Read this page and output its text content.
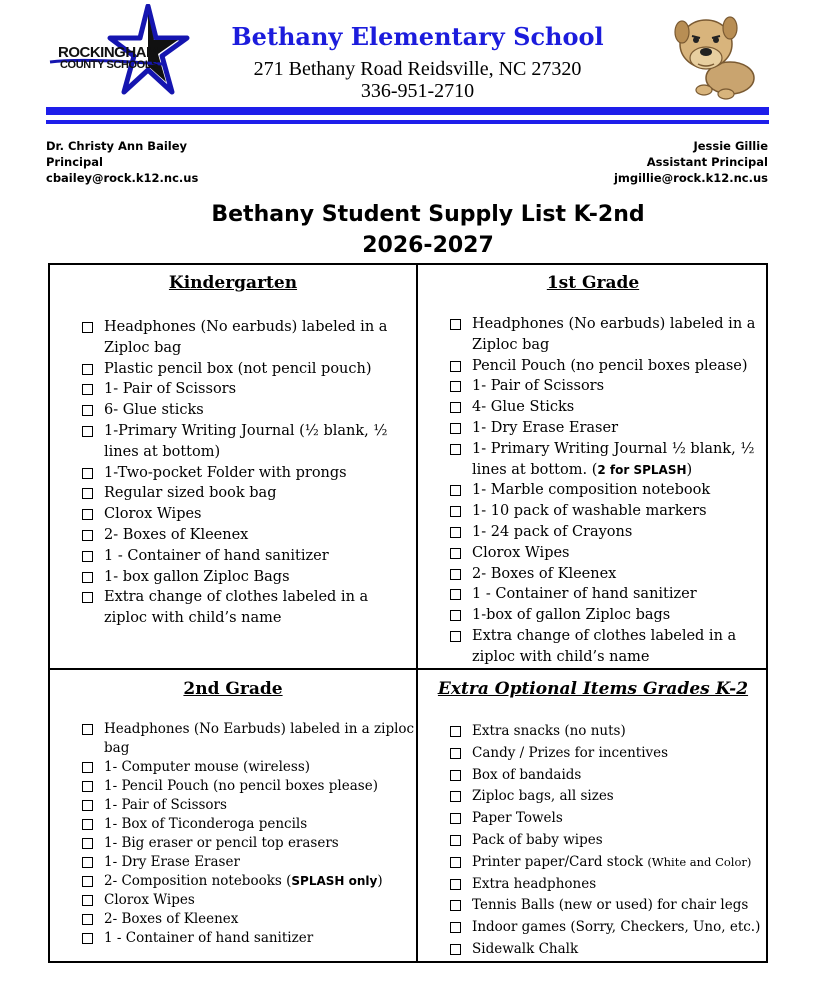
ROCKINGHAM
COUNTY SCHOOLS
Bethany Elementary School
271 Bethany Road Reidsville, NC 27320
336-951-2710
Dr. Christy Ann Bailey
Principal
cbailey@rock.k12.nc.us
Jessie Gillie
Assistant Principal
jmgillie@rock.k12.nc.us
Bethany Student Supply List K-2nd
2026-2027
Kindergarten
Headphones (No earbuds) labeled in a
Ziploc bag
Plastic pencil box (not pencil pouch)
1- Pair of Scissors
6- Glue sticks
1-Primary Writing Journal (½ blank, ½
lines at bottom)
1-Two-pocket Folder with prongs
Regular sized book bag
Clorox Wipes
2- Boxes of Kleenex
1 - Container of hand sanitizer
1- box gallon Ziploc Bags
Extra change of clothes labeled in a
ziploc with child’s name
1st Grade
Headphones (No earbuds) labeled in a
Ziploc bag
Pencil Pouch (no pencil boxes please)
1- Pair of Scissors
4- Glue Sticks
1- Dry Erase Eraser
1- Primary Writing Journal ½ blank, ½
lines at bottom. (2 for SPLASH)
1- Marble composition notebook
1- 10 pack of washable markers
1- 24 pack of Crayons
Clorox Wipes
2- Boxes of Kleenex
1 - Container of hand sanitizer
1-box of gallon Ziploc bags
Extra change of clothes labeled in a
ziploc with child’s name
2nd Grade
Headphones (No Earbuds) labeled in a ziploc
bag
1- Computer mouse (wireless)
1- Pencil Pouch (no pencil boxes please)
1- Pair of Scissors
1- Box of Ticonderoga pencils
1- Big eraser or pencil top erasers
1- Dry Erase Eraser
2- Composition notebooks (SPLASH only)
Clorox Wipes
2- Boxes of Kleenex
1 - Container of hand sanitizer
Extra Optional Items Grades K-2
Extra snacks (no nuts)
Candy / Prizes for incentives
Box of bandaids
Ziploc bags, all sizes
Paper Towels
Pack of baby wipes
Printer paper/Card stock (White and Color)
Extra headphones
Tennis Balls (new or used) for chair legs
Indoor games (Sorry, Checkers, Uno, etc.)
Sidewalk Chalk
